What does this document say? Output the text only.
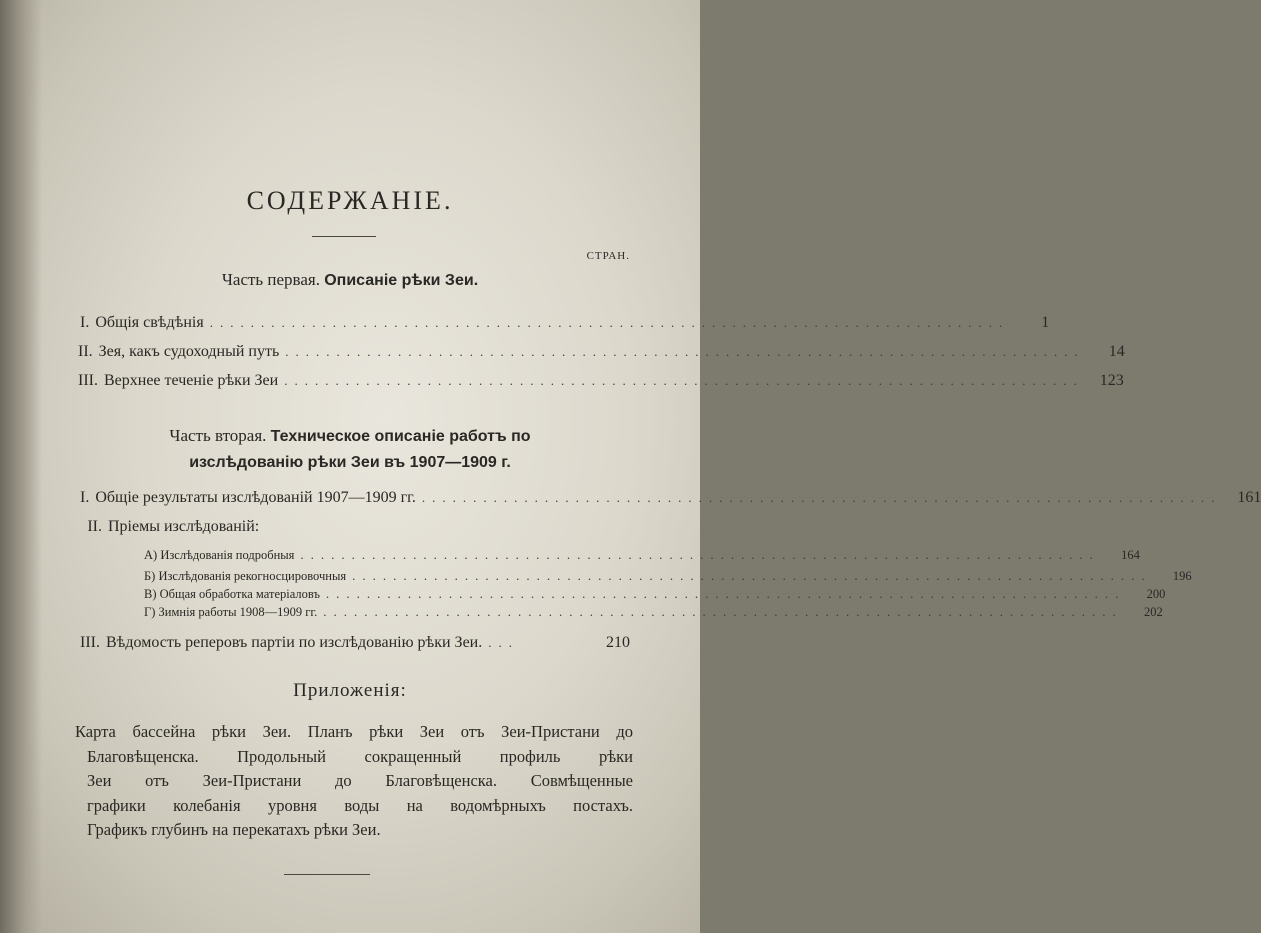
СОДЕРЖАНІЕ.
СТРАН.
Часть первая. Описаніе рѣки Зеи.
I. Общія свѣдѣнія ..............................................................................	1
II. Зея, какъ судоходный путь ..............................................................................	14
III. Верхнее теченіе рѣки Зеи ..............................................................................	123
Часть вторая. Техническое описаніе работъ по
изслѣдованію рѣки Зеи въ 1907—1909 г.
I. Общіе результаты изслѣдованій 1907—1909 гг. ..............................................................................	161
II. Пріемы изслѣдованій:
А) Изслѣдованія подробныя ..............................................................................	164
Б) Изслѣдованія рекогносцировочныя ..............................................................................	196
В) Общая обработка матеріаловъ ..............................................................................	200
Г) Зимнія работы 1908—1909 гг. ..............................................................................	202
III. Вѣдомость реперовъ партіи по изслѣдованію рѣки Зеи. ...	210
Приложенія:
Карта бассейна рѣки Зеи. Планъ рѣки Зеи отъ Зеи-Пристани до
Благовѣщенска. Продольный сокращенный профиль рѣки
Зеи отъ Зеи-Пристани до Благовѣщенска. Совмѣщенные
графики колебанія уровня воды на водомѣрныхъ постахъ.
Графикъ глубинъ на перекатахъ рѣки Зеи.
